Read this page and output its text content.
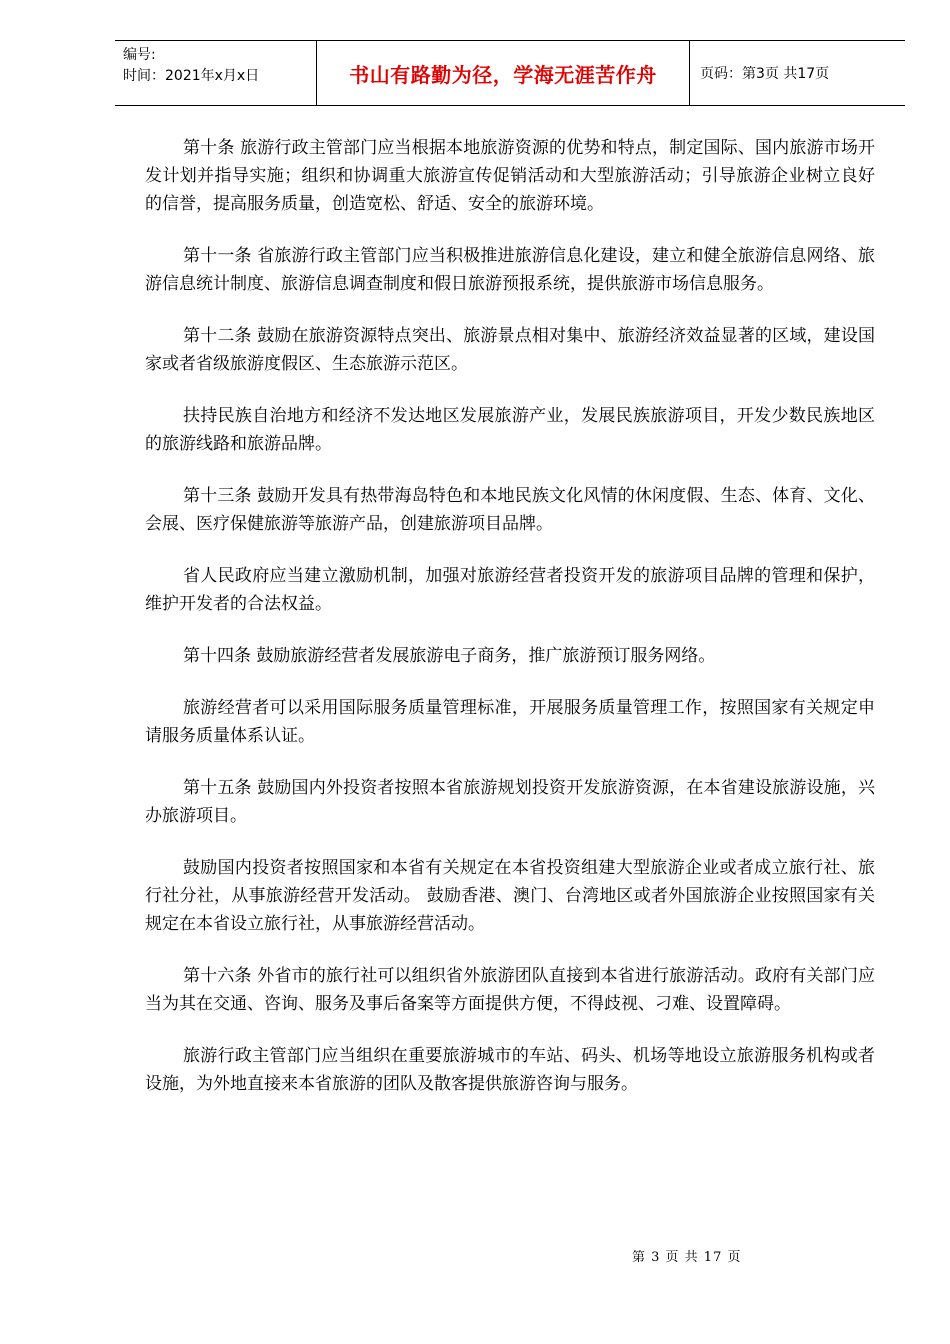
编号:
时间：2021年x月x日	书山有路勤为径，学海无涯苦作舟	页码：第3页 共17页

第十条 旅游行政主管部门应当根据本地旅游资源的优势和特点，制定国际、国内旅游市场开发计划并指导实施；组织和协调重大旅游宣传促销活动和大型旅游活动；引导旅游企业树立良好的信誉，提高服务质量，创造宽松、舒适、安全的旅游环境。

第十一条 省旅游行政主管部门应当积极推进旅游信息化建设，建立和健全旅游信息网络、旅游信息统计制度、旅游信息调查制度和假日旅游预报系统，提供旅游市场信息服务。

第十二条 鼓励在旅游资源特点突出、旅游景点相对集中、旅游经济效益显著的区域，建设国家或者省级旅游度假区、生态旅游示范区。

扶持民族自治地方和经济不发达地区发展旅游产业，发展民族旅游项目，开发少数民族地区的旅游线路和旅游品牌。

第十三条 鼓励开发具有热带海岛特色和本地民族文化风情的休闲度假、生态、体育、文化、会展、医疗保健旅游等旅游产品，创建旅游项目品牌。

省人民政府应当建立激励机制，加强对旅游经营者投资开发的旅游项目品牌的管理和保护，维护开发者的合法权益。

第十四条 鼓励旅游经营者发展旅游电子商务，推广旅游预订服务网络。

旅游经营者可以采用国际服务质量管理标准，开展服务质量管理工作，按照国家有关规定申请服务质量体系认证。

第十五条 鼓励国内外投资者按照本省旅游规划投资开发旅游资源，在本省建设旅游设施，兴办旅游项目。

鼓励国内投资者按照国家和本省有关规定在本省投资组建大型旅游企业或者成立旅行社、旅行社分社，从事旅游经营开发活动。 鼓励香港、澳门、台湾地区或者外国旅游企业按照国家有关规定在本省设立旅行社，从事旅游经营活动。

第十六条 外省市的旅行社可以组织省外旅游团队直接到本省进行旅游活动。政府有关部门应当为其在交通、咨询、服务及事后备案等方面提供方便，不得歧视、刁难、设置障碍。

旅游行政主管部门应当组织在重要旅游城市的车站、码头、机场等地设立旅游服务机构或者设施，为外地直接来本省旅游的团队及散客提供旅游咨询与服务。

第 3 页 共 17 页
